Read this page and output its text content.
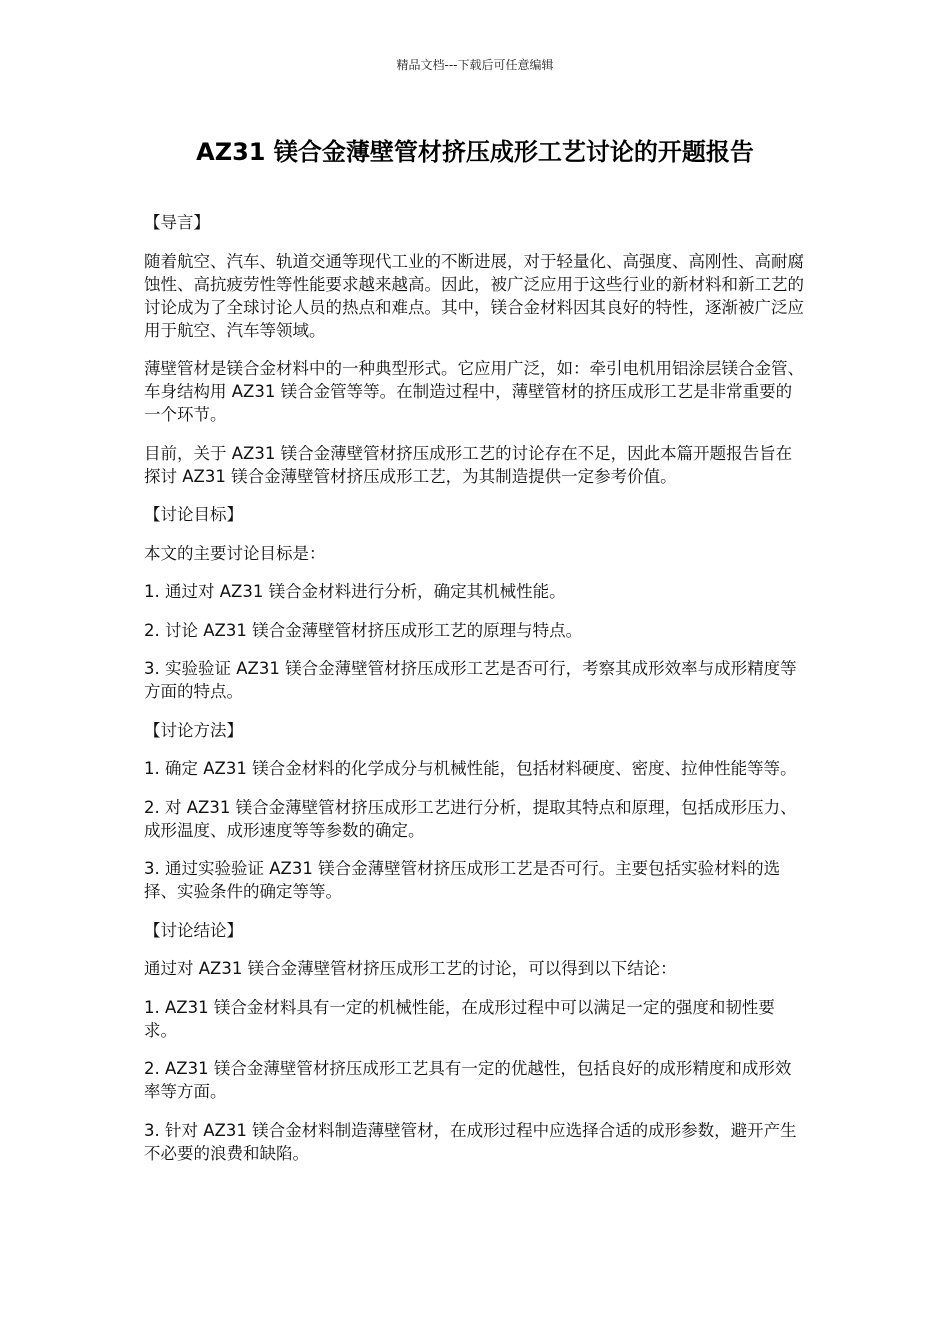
精品文档---下载后可任意编辑
AZ31 镁合金薄壁管材挤压成形工艺讨论的开题报告

【导言】

随着航空、汽车、轨道交通等现代工业的不断进展，对于轻量化、高强度、高刚性、高耐腐蚀性、高抗疲劳性等性能要求越来越高。因此，被广泛应用于这些行业的新材料和新工艺的讨论成为了全球讨论人员的热点和难点。其中，镁合金材料因其良好的特性，逐渐被广泛应用于航空、汽车等领域。

薄壁管材是镁合金材料中的一种典型形式。它应用广泛，如：牵引电机用铝涂层镁合金管、车身结构用 AZ31 镁合金管等等。在制造过程中，薄壁管材的挤压成形工艺是非常重要的一个环节。

目前，关于 AZ31 镁合金薄壁管材挤压成形工艺的讨论存在不足，因此本篇开题报告旨在探讨 AZ31 镁合金薄壁管材挤压成形工艺，为其制造提供一定参考价值。

【讨论目标】

本文的主要讨论目标是：

1. 通过对 AZ31 镁合金材料进行分析，确定其机械性能。

2. 讨论 AZ31 镁合金薄壁管材挤压成形工艺的原理与特点。

3. 实验验证 AZ31 镁合金薄壁管材挤压成形工艺是否可行，考察其成形效率与成形精度等方面的特点。

【讨论方法】

1. 确定 AZ31 镁合金材料的化学成分与机械性能，包括材料硬度、密度、拉伸性能等等。

2. 对 AZ31 镁合金薄壁管材挤压成形工艺进行分析，提取其特点和原理，包括成形压力、成形温度、成形速度等等参数的确定。

3. 通过实验验证 AZ31 镁合金薄壁管材挤压成形工艺是否可行。主要包括实验材料的选择、实验条件的确定等等。

【讨论结论】

通过对 AZ31 镁合金薄壁管材挤压成形工艺的讨论，可以得到以下结论：

1. AZ31 镁合金材料具有一定的机械性能，在成形过程中可以满足一定的强度和韧性要求。

2. AZ31 镁合金薄壁管材挤压成形工艺具有一定的优越性，包括良好的成形精度和成形效率等方面。

3. 针对 AZ31 镁合金材料制造薄壁管材，在成形过程中应选择合适的成形参数，避开产生不必要的浪费和缺陷。
